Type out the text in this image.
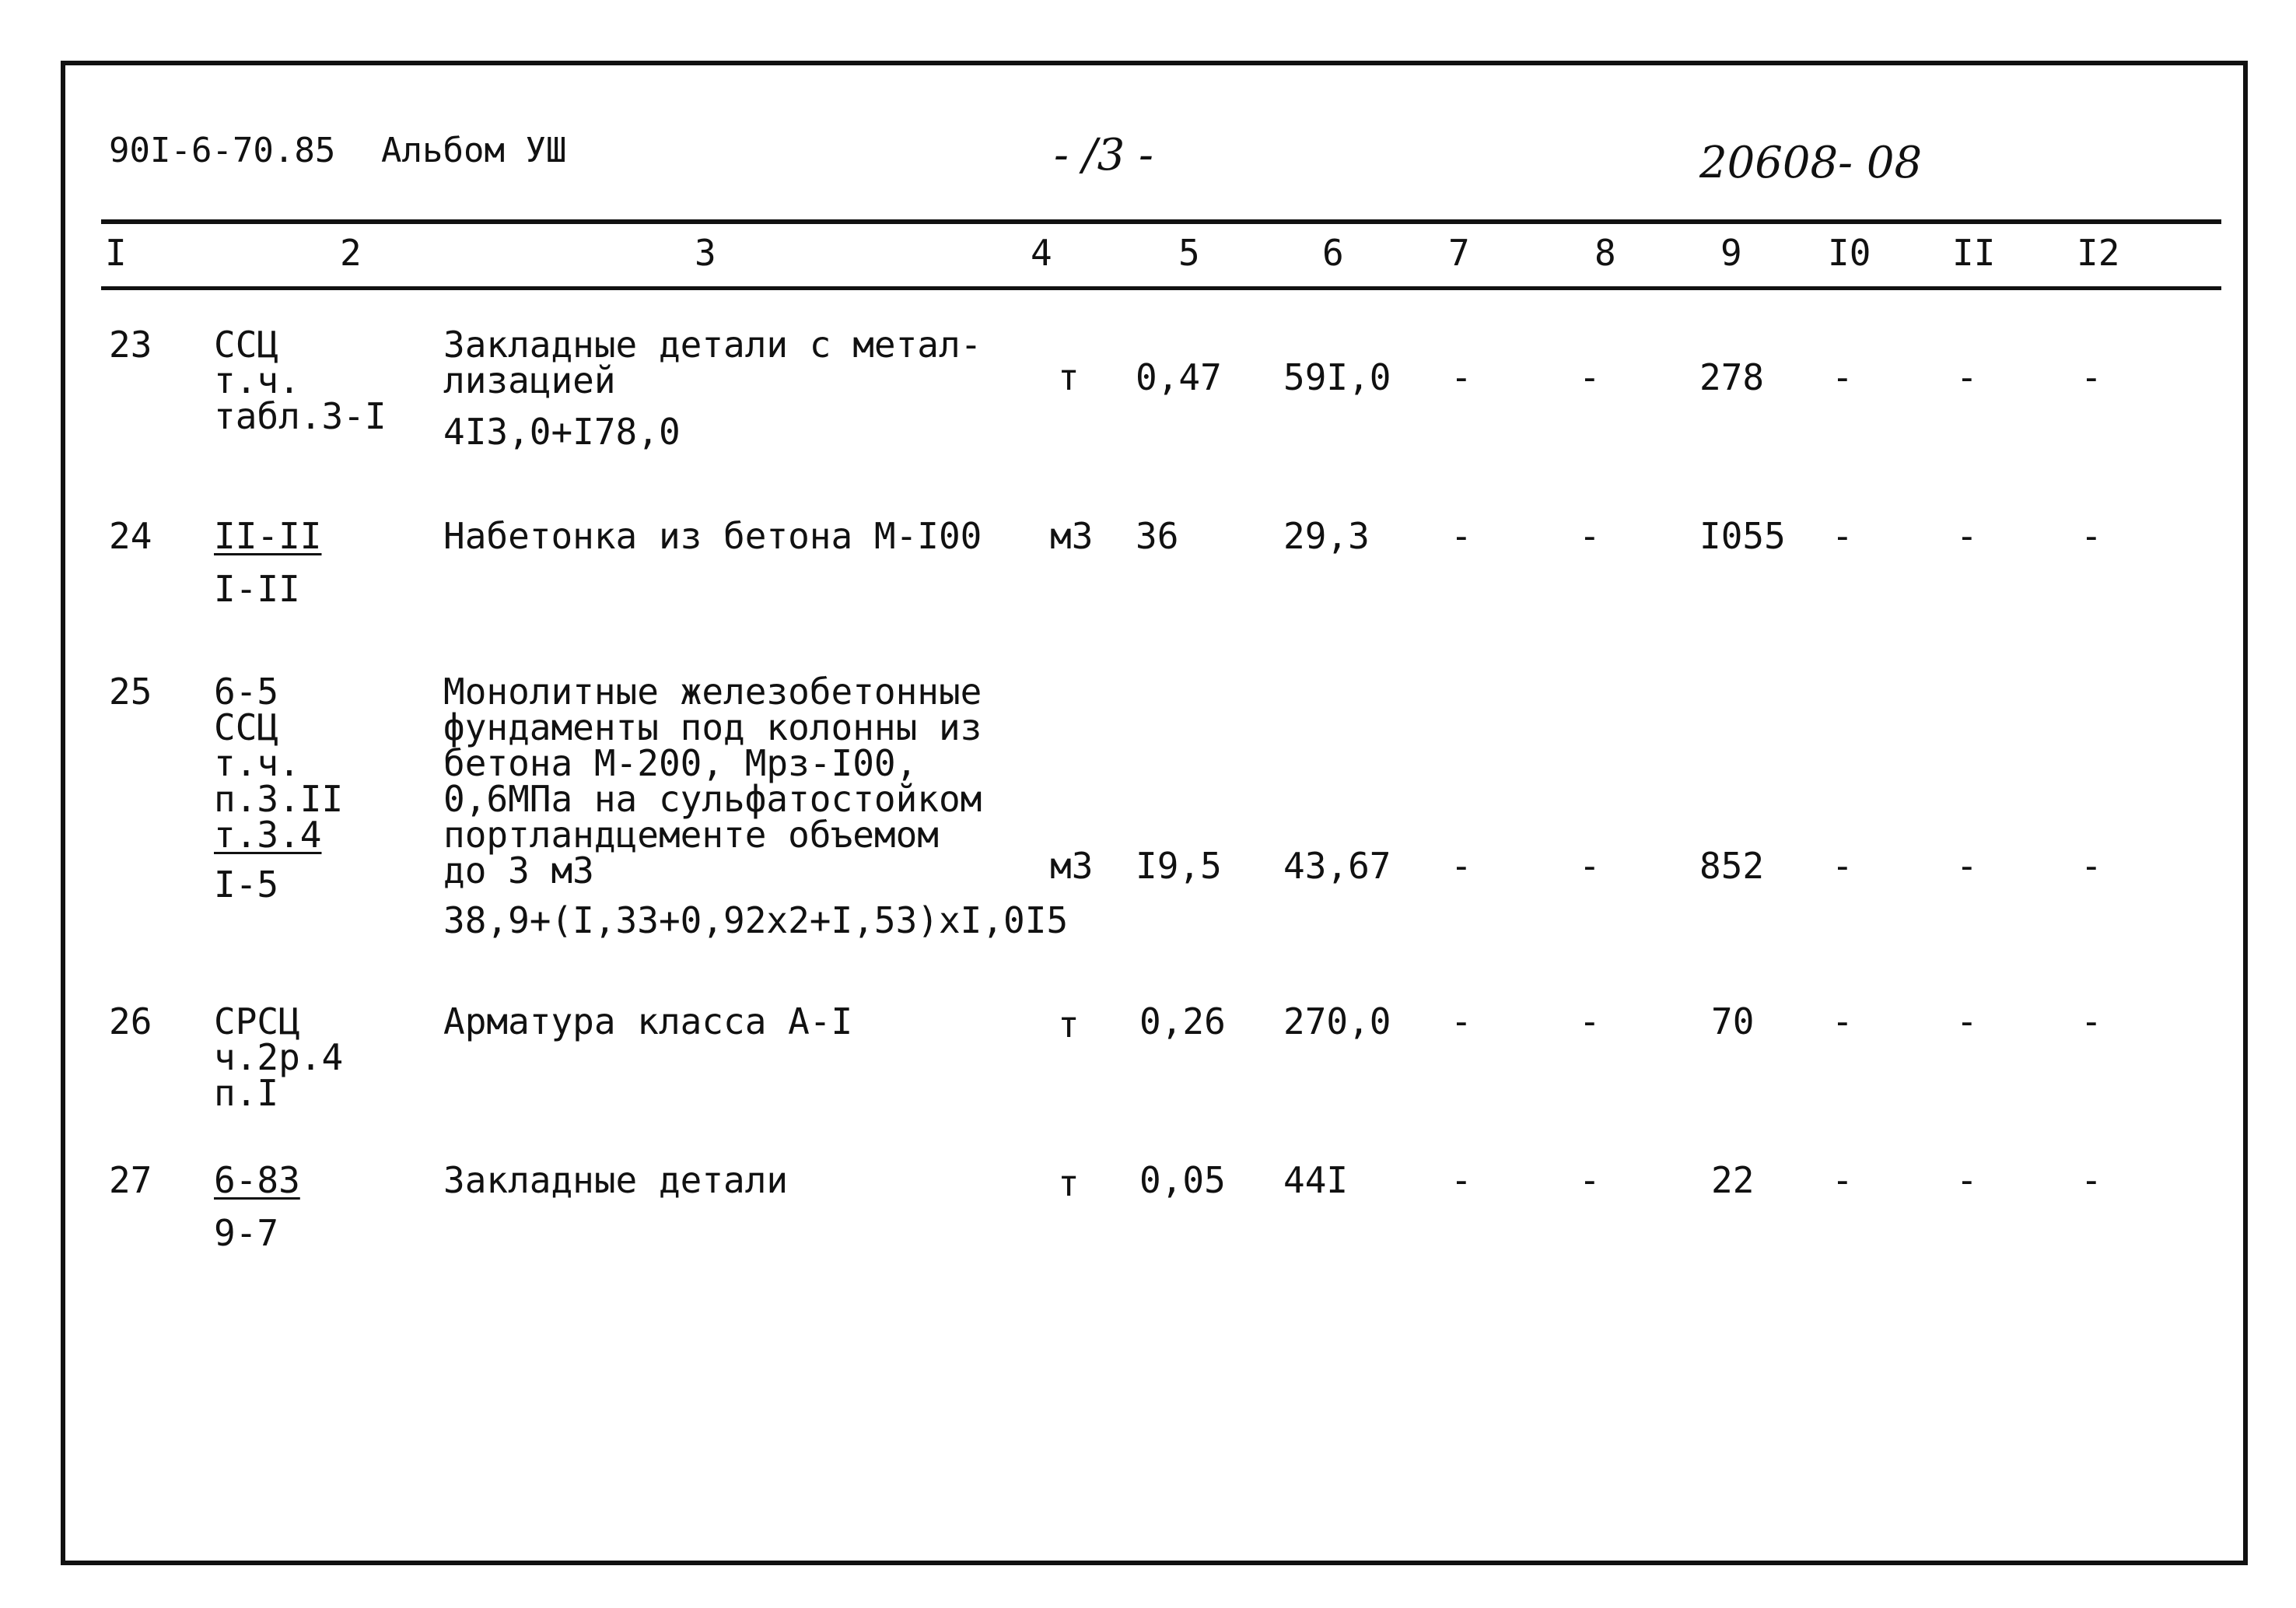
90I-6-70.85 Альбом УШ	- /3 -	20608- 08
I	2	3	4	5	6	7	8	9 I0 II I2
23 ССЦ
т.ч.
табл.3-I
Закладные детали с метал-
лизацией
4I3,0+I78,0
т 0,47 59I,0 -	-	278 -	-	-
24 II-II
I-II
Набетонка из бетона М-I00 м3 36	29,3 -	-	I055 -	-	-
25 6-5
ССЦ
т.ч.
п.3.II
т.3.4
I-5
Монолитные железобетонные
фундаменты под колонны из
бетона М-200, Мрз-I00,
0,6МПа на сульфатостойком
портландцементе объемом
до 3 м3
38,9+(I,33+0,92x2+I,53)xI,0I5
м3 I9,5 43,67 -	-	852 -	-	-
26 СРСЦ
ч.2р.4
п.I
Арматура класса А-I	т 0,26 270,0 -	-	70 -	-	-
27 6-83
9-7
Закладные детали	т 0,05 44I	-	-	22 -	-	-
